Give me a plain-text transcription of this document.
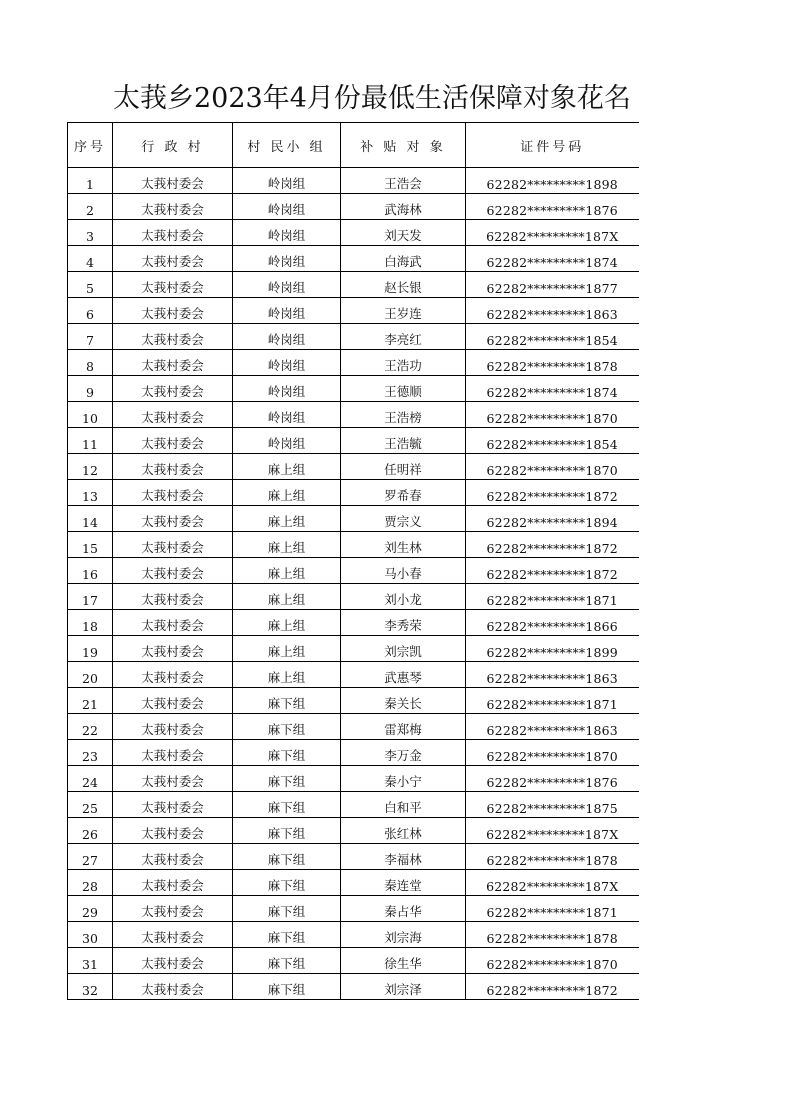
太莪乡2023年4月份最低生活保障对象花名
序号	行 政 村	村 民小 组	补 贴 对 象	证件号码
1	太莪村委会	岭岗组	王浩会	62282*********1898
2	太莪村委会	岭岗组	武海林	62282*********1876
3	太莪村委会	岭岗组	刘天发	62282*********187X
4	太莪村委会	岭岗组	白海武	62282*********1874
5	太莪村委会	岭岗组	赵长银	62282*********1877
6	太莪村委会	岭岗组	王岁连	62282*********1863
7	太莪村委会	岭岗组	李亮红	62282*********1854
8	太莪村委会	岭岗组	王浩功	62282*********1878
9	太莪村委会	岭岗组	王德顺	62282*********1874
10	太莪村委会	岭岗组	王浩榜	62282*********1870
11	太莪村委会	岭岗组	王浩毓	62282*********1854
12	太莪村委会	麻上组	任明祥	62282*********1870
13	太莪村委会	麻上组	罗希春	62282*********1872
14	太莪村委会	麻上组	贾宗义	62282*********1894
15	太莪村委会	麻上组	刘生林	62282*********1872
16	太莪村委会	麻上组	马小春	62282*********1872
17	太莪村委会	麻上组	刘小龙	62282*********1871
18	太莪村委会	麻上组	李秀荣	62282*********1866
19	太莪村委会	麻上组	刘宗凯	62282*********1899
20	太莪村委会	麻上组	武惠琴	62282*********1863
21	太莪村委会	麻下组	秦关长	62282*********1871
22	太莪村委会	麻下组	雷郑梅	62282*********1863
23	太莪村委会	麻下组	李万金	62282*********1870
24	太莪村委会	麻下组	秦小宁	62282*********1876
25	太莪村委会	麻下组	白和平	62282*********1875
26	太莪村委会	麻下组	张红林	62282*********187X
27	太莪村委会	麻下组	李福林	62282*********1878
28	太莪村委会	麻下组	秦连堂	62282*********187X
29	太莪村委会	麻下组	秦占华	62282*********1871
30	太莪村委会	麻下组	刘宗海	62282*********1878
31	太莪村委会	麻下组	徐生华	62282*********1870
32	太莪村委会	麻下组	刘宗泽	62282*********1872
